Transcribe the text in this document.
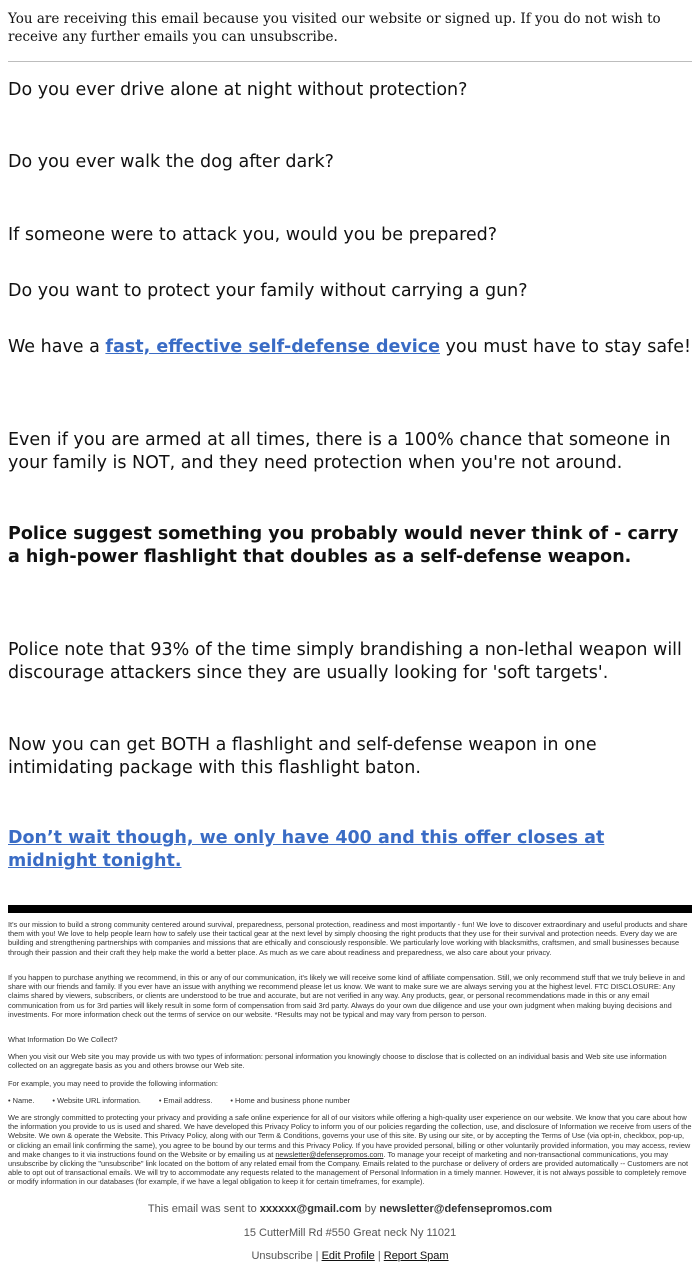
You are receiving this email because you visited our website or signed up. If you do not wish to receive any further emails you can unsubscribe.
Do you ever drive alone at night without protection?
Do you ever walk the dog after dark?
If someone were to attack you, would you be prepared?
Do you want to protect your family without carrying a gun?
We have a fast, effective self-defense device you must have to stay safe!
Even if you are armed at all times, there is a 100% chance that someone in your family is NOT, and they need protection when you're not around.
Police suggest something you probably would never think of - carry a high-power flashlight that doubles as a self-defense weapon.
Police note that 93% of the time simply brandishing a non-lethal weapon will discourage attackers since they are usually looking for 'soft targets'.
Now you can get BOTH a flashlight and self-defense weapon in one intimidating package with this flashlight baton.
Don’t wait though, we only have 400 and this offer closes at midnight tonight.
It's our mission to build a strong community centered around survival, preparedness, personal protection, readiness and most importantly - fun! We love to discover extraordinary and useful products and share them with you! We love to help people learn how to safely use their tactical gear at the next level by simply choosing the right products that they use for their survival and protection needs. Every day we are building and strengthening partnerships with companies and missions that are ethically and consciously responsible. We particularly love working with blacksmiths, craftsmen, and small businesses because through their passion and their craft they help make the world a better place. As much as we care about readiness and preparedness, we also care about your privacy.
If you happen to purchase anything we recommend, in this or any of our communication, it's likely we will receive some kind of affiliate compensation. Still, we only recommend stuff that we truly believe in and share with our friends and family. If you ever have an issue with anything we recommend please let us know. We want to make sure we are always serving you at the highest level. FTC DISCLOSURE: Any claims shared by viewers, subscribers, or clients are understood to be true and accurate, but are not verified in any way. Any products, gear, or personal recommendations made in this or any email communication from us for 3rd parties will likely result in some form of compensation from said 3rd party. Always do your own due diligence and use your own judgment when making buying decisions and investments. For more information check out the terms of service on our website. *Results may not be typical and may vary from person to person.
What Information Do We Collect?
When you visit our Web site you may provide us with two types of information: personal information you knowingly choose to disclose that is collected on an individual basis and Web site use information collected on an aggregate basis as you and others browse our Web site.
For example, you may need to provide the following information:
• Name. • Website URL information. • Email address. • Home and business phone number
We are strongly committed to protecting your privacy and providing a safe online experience for all of our visitors while offering a high-quality user experience on our website. We know that you care about how the information you provide to us is used and shared. We have developed this Privacy Policy to inform you of our policies regarding the collection, use, and disclosure of Information we receive from users of the Website. We own & operate the Website. This Privacy Policy, along with our Term & Conditions, governs your use of this site. By using our site, or by accepting the Terms of Use (via opt-in, checkbox, pop-up, or clicking an email link confirming the same), you agree to be bound by our terms and this Privacy Policy. If you have provided personal, billing or other voluntarily provided information, you may access, review and make changes to it via instructions found on the Website or by emailing us at newsletter@defensepromos.com. To manage your receipt of marketing and non-transactional communications, you may unsubscribe by clicking the "unsubscribe" link located on the bottom of any related email from the Company. Emails related to the purchase or delivery of orders are provided automatically -- Customers are not able to opt out of transactional emails. We will try to accommodate any requests related to the management of Personal Information in a timely manner. However, it is not always possible to completely remove or modify information in our databases (for example, if we have a legal obligation to keep it for certain timeframes, for example).
This email was sent to xxxxxx@gmail.com by newsletter@defensepromos.com
15 CutterMill Rd #550 Great neck Ny 11021
Unsubscribe | Edit Profile | Report Spam
